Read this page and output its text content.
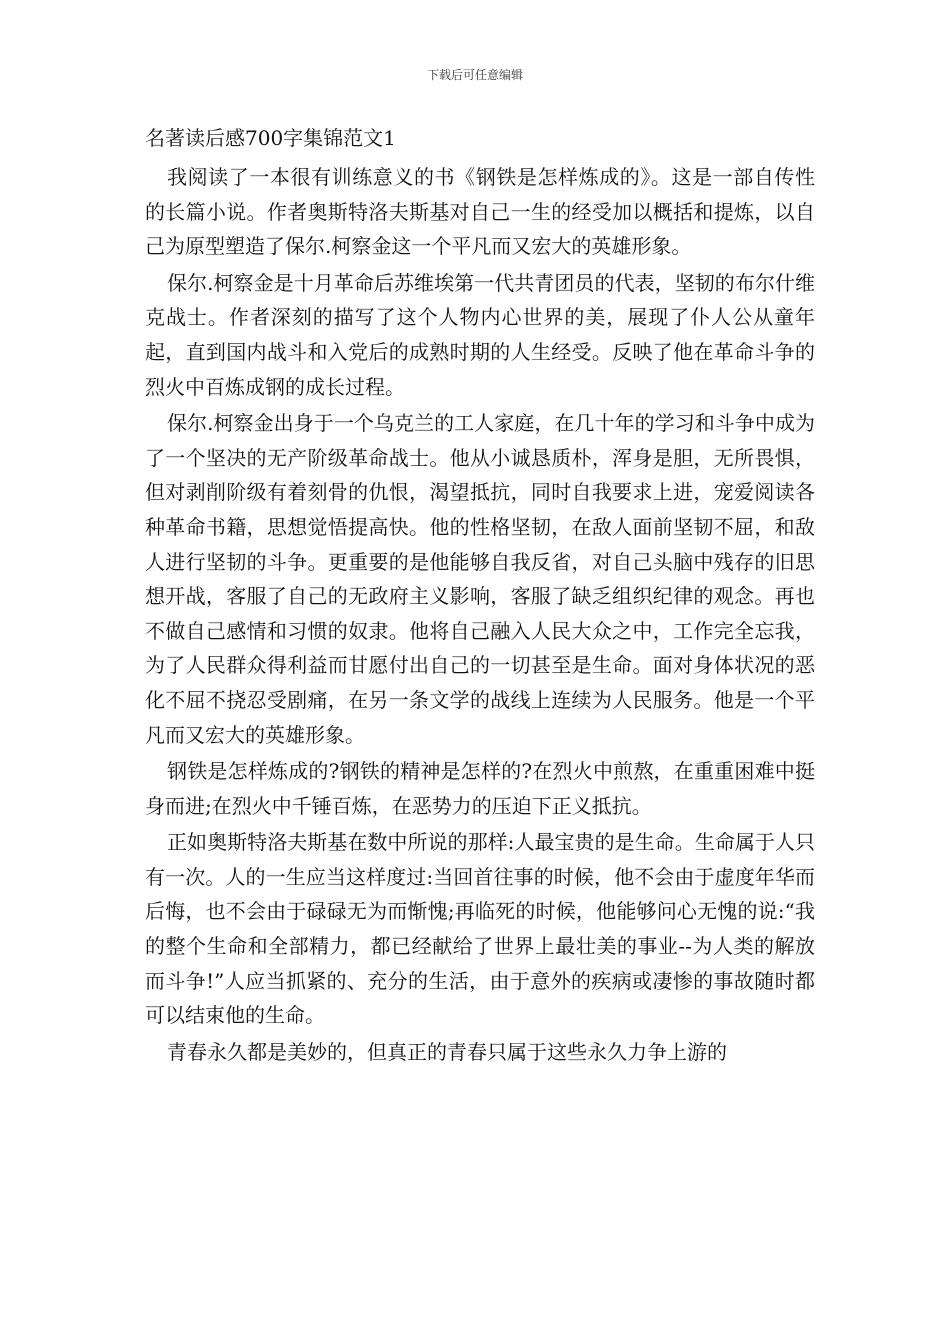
下载后可任意编辑
名著读后感700字集锦范文1

我阅读了一本很有训练意义的书《钢铁是怎样炼成的》。这是一部自传性的长篇小说。作者奥斯特洛夫斯基对自己一生的经受加以概括和提炼，以自己为原型塑造了保尔.柯察金这一个平凡而又宏大的英雄形象。

保尔.柯察金是十月革命后苏维埃第一代共青团员的代表，坚韧的布尔什维克战士。作者深刻的描写了这个人物内心世界的美，展现了仆人公从童年起，直到国内战斗和入党后的成熟时期的人生经受。反映了他在革命斗争的烈火中百炼成钢的成长过程。

保尔.柯察金出身于一个乌克兰的工人家庭，在几十年的学习和斗争中成为了一个坚决的无产阶级革命战士。他从小诚恳质朴，浑身是胆，无所畏惧，但对剥削阶级有着刻骨的仇恨，渴望抵抗，同时自我要求上进，宠爱阅读各种革命书籍，思想觉悟提高快。他的性格坚韧，在敌人面前坚韧不屈，和敌人进行坚韧的斗争。更重要的是他能够自我反省，对自己头脑中残存的旧思想开战，客服了自己的无政府主义影响，客服了缺乏组织纪律的观念。再也不做自己感情和习惯的奴隶。他将自己融入人民大众之中，工作完全忘我，为了人民群众得利益而甘愿付出自己的一切甚至是生命。面对身体状况的恶化不屈不挠忍受剧痛，在另一条文学的战线上连续为人民服务。他是一个平凡而又宏大的英雄形象。

钢铁是怎样炼成的?钢铁的精神是怎样的?在烈火中煎熬，在重重困难中挺身而进;在烈火中千锤百炼，在恶势力的压迫下正义抵抗。

正如奥斯特洛夫斯基在数中所说的那样:人最宝贵的是生命。生命属于人只有一次。人的一生应当这样度过:当回首往事的时候，他不会由于虚度年华而后悔，也不会由于碌碌无为而惭愧;再临死的时候，他能够问心无愧的说:“我的整个生命和全部精力，都已经献给了世界上最壮美的事业--为人类的解放而斗争!”人应当抓紧的、充分的生活，由于意外的疾病或凄惨的事故随时都可以结束他的生命。

青春永久都是美妙的，但真正的青春只属于这些永久力争上游的
